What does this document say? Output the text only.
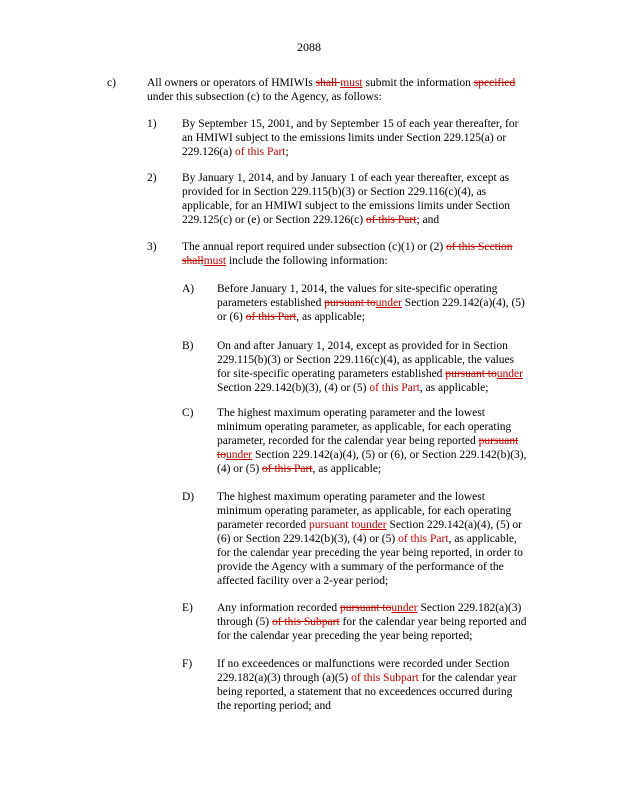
2088
c)	All owners or operators of HMIWIs shall must submit the information specified
under this subsection (c) to the Agency, as follows:
1) By September 15, 2001, and by September 15 of each year thereafter, for
an HMIWI subject to the emissions limits under Section 229.125(a) or
229.126(a) of this Part;
2) By January 1, 2014, and by January 1 of each year thereafter, except as
provided for in Section 229.115(b)(3) or Section 229.116(c)(4), as
applicable, for an HMIWI subject to the emissions limits under Section
229.125(c) or (e) or Section 229.126(c) of this Part; and
3) The annual report required under subsection (c)(1) or (2) of this Section
shallmust include the following information:
A) Before January 1, 2014, the values for site-specific operating
parameters established pursuant tounder Section 229.142(a)(4), (5)
or (6) of this Part, as applicable;
B) On and after January 1, 2014, except as provided for in Section
229.115(b)(3) or Section 229.116(c)(4), as applicable, the values
for site-specific operating parameters established pursuant tounder
Section 229.142(b)(3), (4) or (5) of this Part, as applicable;
C) The highest maximum operating parameter and the lowest
minimum operating parameter, as applicable, for each operating
parameter, recorded for the calendar year being reported pursuant
tounder Section 229.142(a)(4), (5) or (6), or Section 229.142(b)(3),
(4) or (5) of this Part, as applicable;
D) The highest maximum operating parameter and the lowest
minimum operating parameter, as applicable, for each operating
parameter recorded pursuant tounder Section 229.142(a)(4), (5) or
(6) or Section 229.142(b)(3), (4) or (5) of this Part, as applicable,
for the calendar year preceding the year being reported, in order to
provide the Agency with a summary of the performance of the
affected facility over a 2-year period;
E) Any information recorded pursuant tounder Section 229.182(a)(3)
through (5) of this Subpart for the calendar year being reported and
for the calendar year preceding the year being reported;
F) If no exceedences or malfunctions were recorded under Section
229.182(a)(3) through (a)(5) of this Subpart for the calendar year
being reported, a statement that no exceedences occurred during
the reporting period; and
